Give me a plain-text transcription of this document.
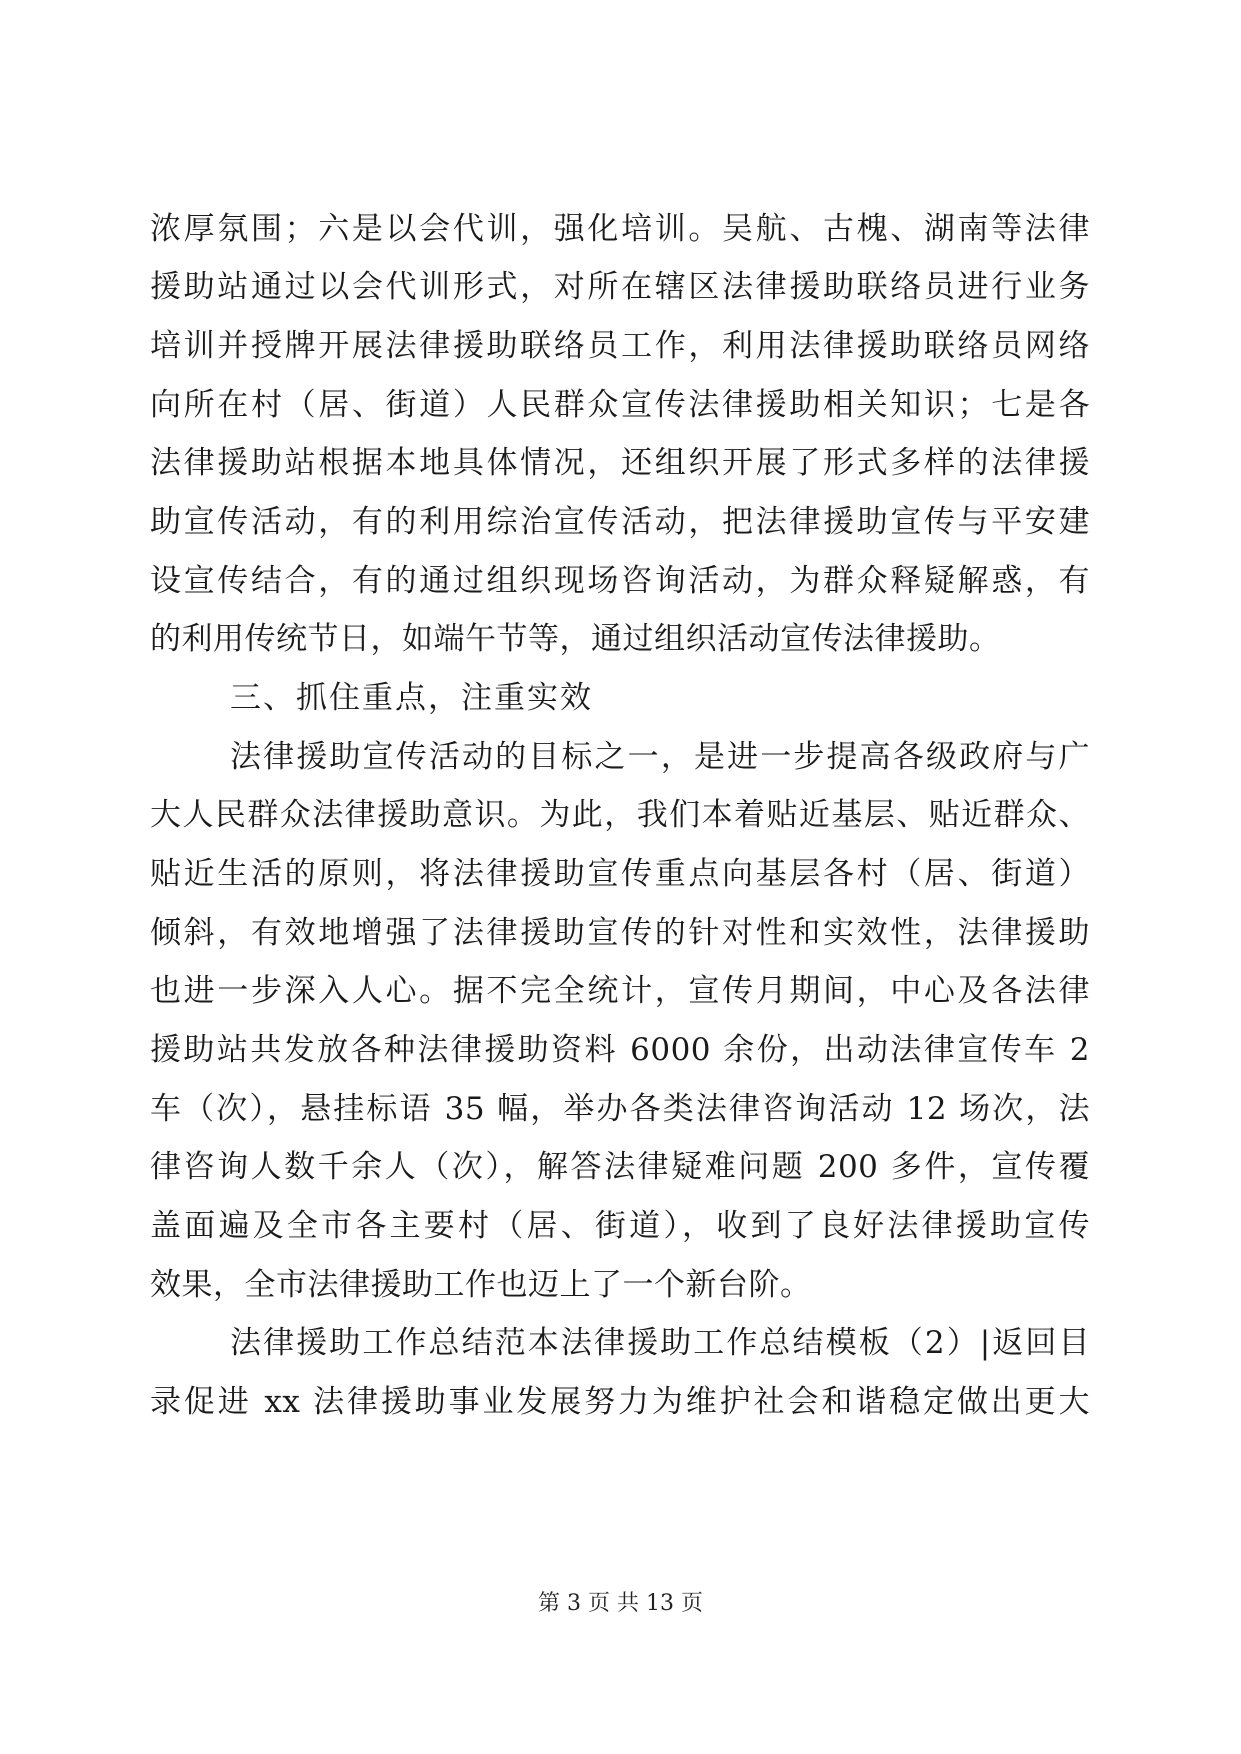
浓厚氛围；六是以会代训，强化培训。吴航、古槐、湖南等法律
援助站通过以会代训形式，对所在辖区法律援助联络员进行业务
培训并授牌开展法律援助联络员工作，利用法律援助联络员网络
向所在村（居、街道）人民群众宣传法律援助相关知识；七是各
法律援助站根据本地具体情况，还组织开展了形式多样的法律援
助宣传活动，有的利用综治宣传活动，把法律援助宣传与平安建
设宣传结合，有的通过组织现场咨询活动，为群众释疑解惑，有
的利用传统节日，如端午节等，通过组织活动宣传法律援助。
三、抓住重点，注重实效
法律援助宣传活动的目标之一，是进一步提高各级政府与广
大人民群众法律援助意识。为此，我们本着贴近基层、贴近群众、
贴近生活的原则，将法律援助宣传重点向基层各村（居、街道）
倾斜，有效地增强了法律援助宣传的针对性和实效性，法律援助
也进一步深入人心。据不完全统计，宣传月期间，中心及各法律
援助站共发放各种法律援助资料 6000 余份，出动法律宣传车 2
车（次），悬挂标语 35 幅，举办各类法律咨询活动 12 场次，法
律咨询人数千余人（次），解答法律疑难问题 200 多件，宣传覆
盖面遍及全市各主要村（居、街道），收到了良好法律援助宣传
效果，全市法律援助工作也迈上了一个新台阶。
法律援助工作总结范本法律援助工作总结模板（2）|返回目
录促进 xx 法律援助事业发展努力为维护社会和谐稳定做出更大
第 3 页 共 13 页
